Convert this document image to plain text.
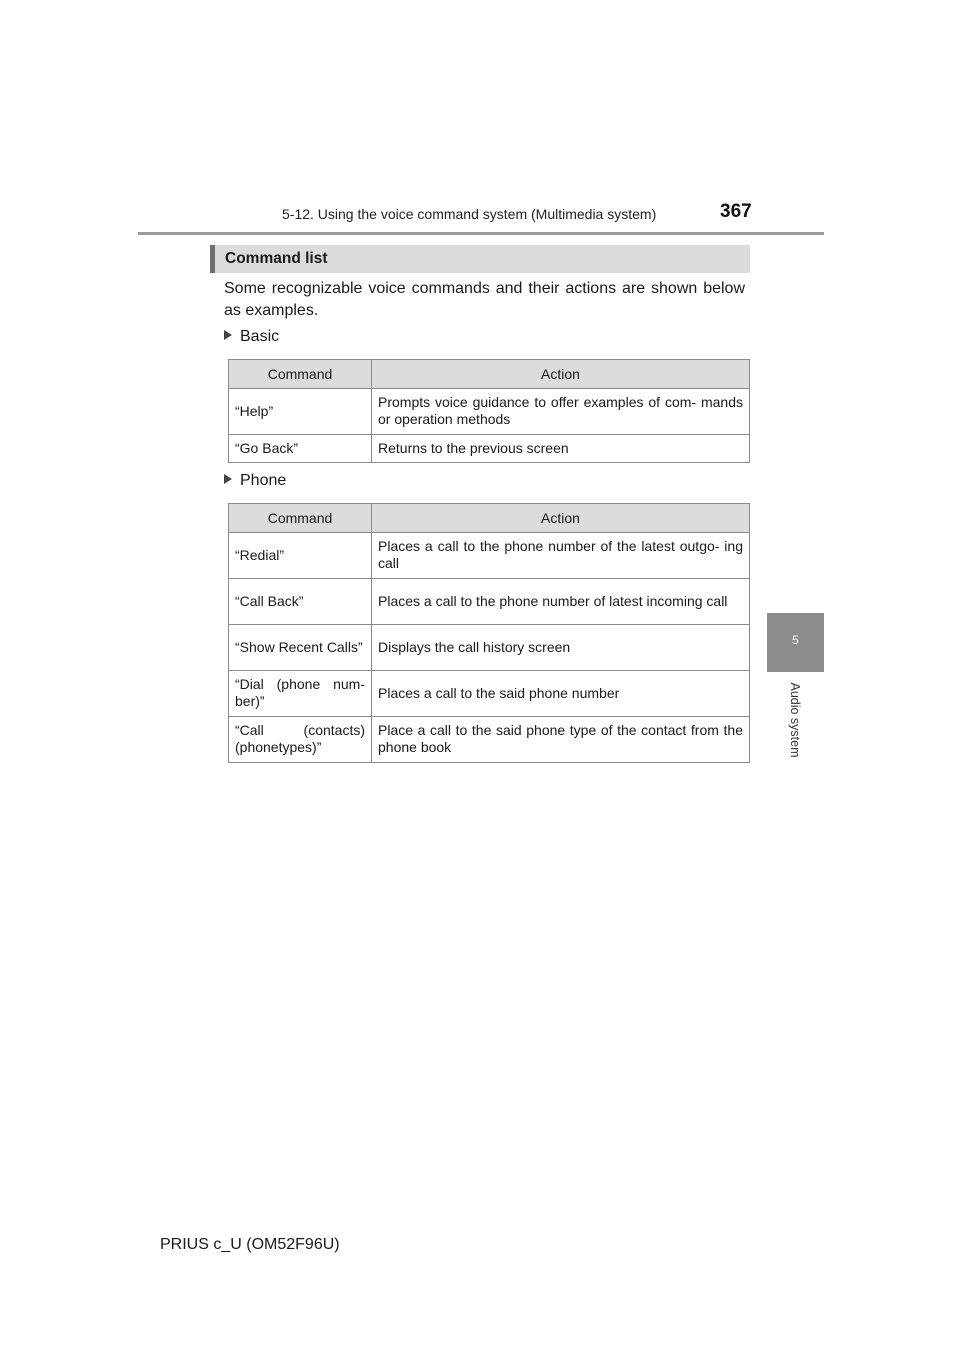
5-12. Using the voice command system (Multimedia system)	367
5
Audio system
Command list
Some recognizable voice commands and their actions are shown below as examples.
Basic
Command	Action
“Help”	Prompts voice guidance to offer examples of com- mands or operation methods
“Go Back”	Returns to the previous screen
Phone
Command	Action
“Redial”	Places a call to the phone number of the latest outgo- ing call
“Call Back”	Places a call to the phone number of latest incoming call
“Show Recent Calls”	Displays the call history screen
“Dial (phone num- ber)”	Places a call to the said phone number
“Call (contacts) (phonetypes)”	Place a call to the said phone type of the contact from the phone book
PRIUS c_U (OM52F96U)
